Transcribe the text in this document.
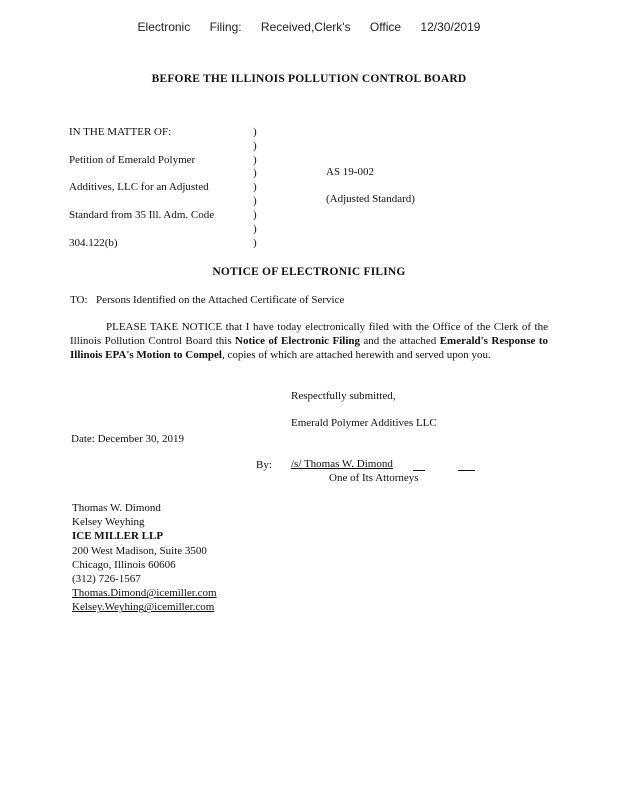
Electronic Filing: Received,Clerk's Office 12/30/2019
BEFORE THE ILLINOIS POLLUTION CONTROL BOARD
IN THE MATTER OF:
Petition of Emerald Polymer
Additives, LLC for an Adjusted
Standard from 35 Ill. Adm. Code
304.122(b)
)
)
)
)
)
)
)
)
)
AS 19-002
(Adjusted Standard)
NOTICE OF ELECTRONIC FILING
TO: Persons Identified on the Attached Certificate of Service
PLEASE TAKE NOTICE that I have today electronically filed with the Office of the Clerk of the Illinois Pollution Control Board this Notice of Electronic Filing and the attached Emerald's Response to Illinois EPA's Motion to Compel, copies of which are attached herewith and served upon you.
Respectfully submitted,
Emerald Polymer Additives LLC
Date: December 30, 2019
By: /s/ Thomas W. Dimond
One of Its Attorneys
Thomas W. Dimond
Kelsey Weyhing
ICE MILLER LLP
200 West Madison, Suite 3500
Chicago, Illinois 60606
(312) 726-1567
Thomas.Dimond@icemiller.com
Kelsey.Weyhing@icemiller.com
